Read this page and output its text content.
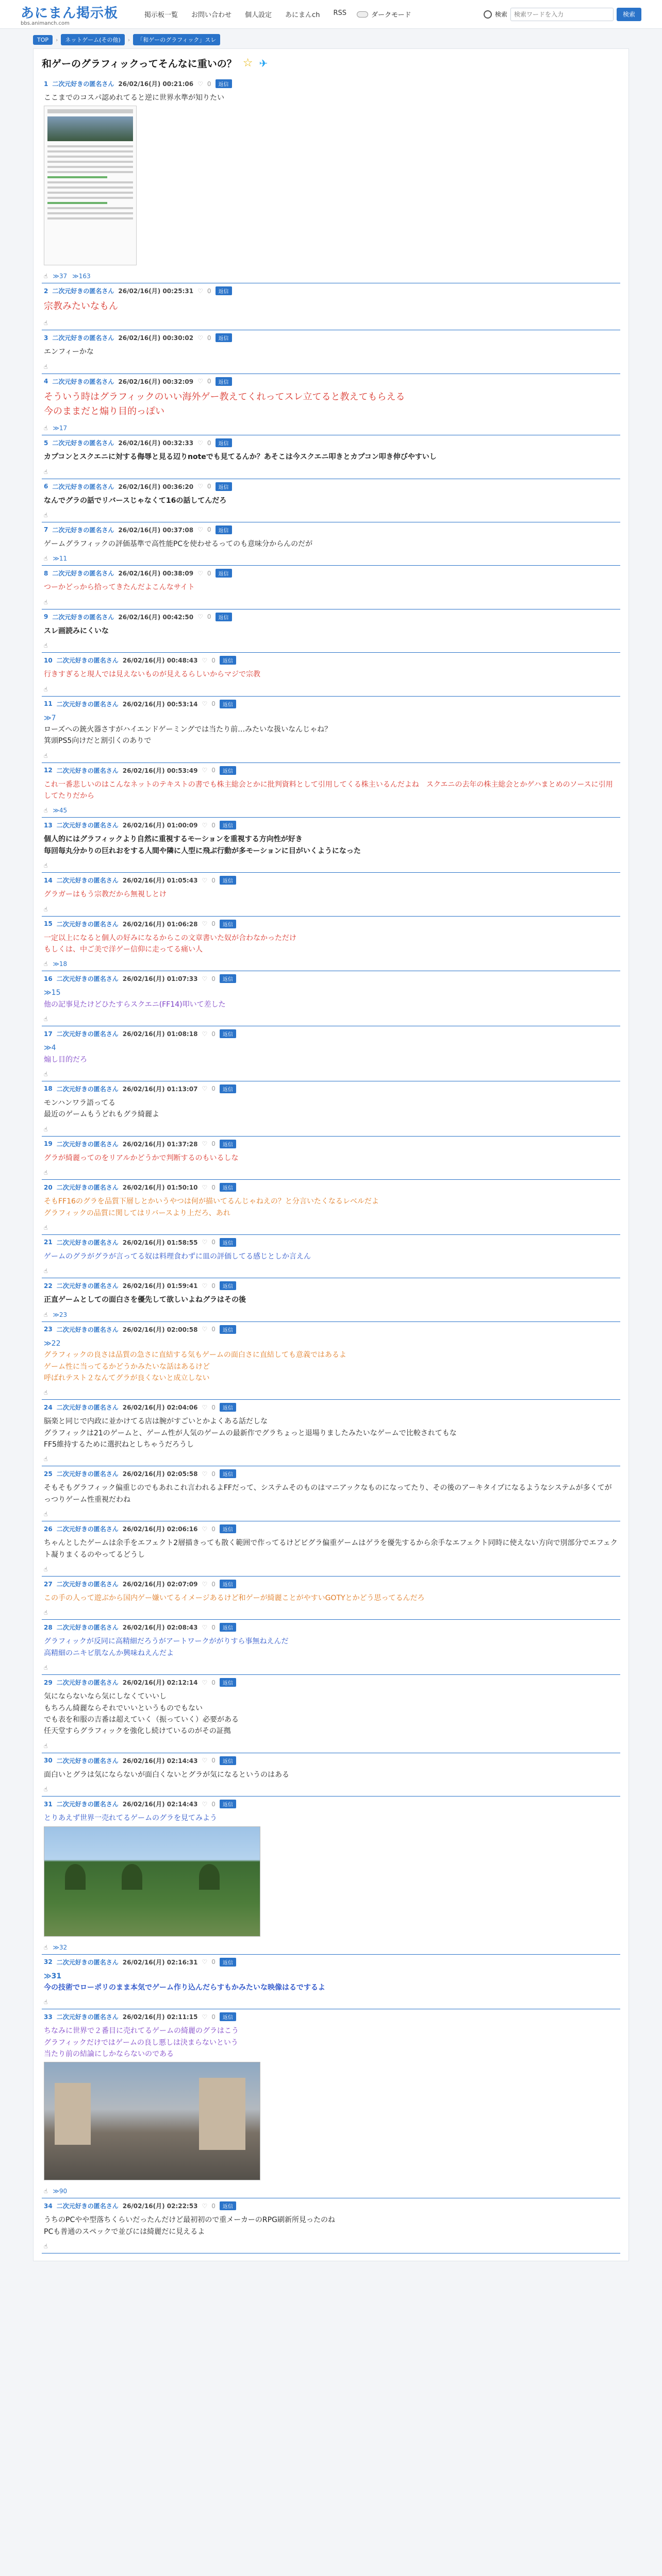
あにまん掲示板
bbs.animanch.com
掲示板一覧 お問い合わせ 個人設定 あにまんch RSS	ダークモード	検索
検索ワードを入力	検索
TOP	›	ネットゲーム(その他)	›	「和ゲーのグラフィック」スレ
和ゲーのグラフィックってそんなに重いの？ ☆ ✈
1 二次元好きの匿名さん 26/02/16(月) 00:21:06 ♡ 0	返信
ここまでのコスパ認めれてると逆に世界水準が知りたい
☝ ≫37 ≫163
2 二次元好きの匿名さん 26/02/16(月) 00:25:31 ♡ 0	返信
宗教みたいなもん
☝
3 二次元好きの匿名さん 26/02/16(月) 00:30:02 ♡ 0	返信
エンフィーかな
☝
4 二次元好きの匿名さん 26/02/16(月) 00:32:09 ♡ 0	返信
そういう時はグラフィックのいい海外ゲー教えてくれってスレ立てると教えてもらえる
今のままだと煽り目的っぽい
☝ ≫17
5 二次元好きの匿名さん 26/02/16(月) 00:32:33 ♡ 0	返信
カプコンとスクエニに対する侮辱と見る辺りnoteでも見てるんか？あそこは今スクエニ叩きとカプコン叩き伸びやすいし
☝
6 二次元好きの匿名さん 26/02/16(月) 00:36:20 ♡ 0	返信
なんでグラの話でリバースじゃなくて16の話してんだろ
☝
7 二次元好きの匿名さん 26/02/16(月) 00:37:08 ♡ 0	返信
ゲームグラフィックの評価基準で高性能PCを使わせるってのも意味分からんのだが
☝ ≫11
8 二次元好きの匿名さん 26/02/16(月) 00:38:09 ♡ 0	返信
つーかどっから拾ってきたんだよこんなサイト
☝
9 二次元好きの匿名さん 26/02/16(月) 00:42:50 ♡ 0	返信
スレ画読みにくいな
☝
10 二次元好きの匿名さん 26/02/16(月) 00:48:43 ♡ 0	返信
行きすぎると現人では見えないものが見えるらしいからマジで宗教
☝
11 二次元好きの匿名さん 26/02/16(月) 00:53:14 ♡ 0	返信
≫7
ローズへの銃火器さすがハイエンドゲーミングでは当たり前…みたいな扱いなんじゃね？
箕頭PS5向けだと割引くのありで
☝
12 二次元好きの匿名さん 26/02/16(月) 00:53:49 ♡ 0	返信
これ一番悲しいのはこんなネットのテキストの書でも株主総会とかに批判資料として引用してくる株主いるんだよね　スクエニの去年の株主総会とかゲハまとめのソースに引用してたりだから
☝ ≫45
13 二次元好きの匿名さん 26/02/16(月) 01:00:09 ♡ 0	返信
個人的にはグラフィックより自然に重視するモーションを重視する方向性が好き
毎回毎丸分かりの巨れおをする人間や隣に人型に飛ぶ行動が多モーションに目がいくようになった
☝
14 二次元好きの匿名さん 26/02/16(月) 01:05:43 ♡ 0	返信
グラガーはもう宗教だから無視しとけ
☝
15 二次元好きの匿名さん 26/02/16(月) 01:06:28 ♡ 0	返信
一定以上になると個人の好みになるからこの文章書いた奴が合わなかっただけ
もしくは、中ご美で洋ゲー信仰に走ってる痛い人
☝ ≫18
16 二次元好きの匿名さん 26/02/16(月) 01:07:33 ♡ 0	返信
≫15
他の記事見たけどひたすらスクエニ(FF14)叩いて差した
☝
17 二次元好きの匿名さん 26/02/16(月) 01:08:18 ♡ 0	返信
≫4
煽し目的だろ
☝
18 二次元好きの匿名さん 26/02/16(月) 01:13:07 ♡ 0	返信
モンハンワラ語ってる
最近のゲームもうどれもグラ綺麗よ
☝
19 二次元好きの匿名さん 26/02/16(月) 01:37:28 ♡ 0	返信
グラが綺麗ってのをリアルかどうかで判断するのもいるしな
☝
20 二次元好きの匿名さん 26/02/16(月) 01:50:10 ♡ 0	返信
そもFF16のグラを品質下層しとかいうやつは何が描いてるんじゃねえの？と分言いたくなるレベルだよ
グラフィックの品質に関してはリバースより上だろ、あれ
☝
21 二次元好きの匿名さん 26/02/16(月) 01:58:55 ♡ 0	返信
ゲームのグラがグラが言ってる奴は料理食わずに皿の評価してる感じとしか言えん
☝
22 二次元好きの匿名さん 26/02/16(月) 01:59:41 ♡ 0	返信
正直ゲームとしての面白さを優先して欲しいよねグラはその後
☝ ≫23
23 二次元好きの匿名さん 26/02/16(月) 02:00:58 ♡ 0	返信
≫22
グラフィックの良さは品質の急さに直結する気もゲームの面白さに直結しても意義ではあるよ
ゲーム性に当ってるかどうかみたいな話はあるけど
呼ばれテスト２なんてグラが良くないと成立しない
☝
24 二次元好きの匿名さん 26/02/16(月) 02:04:06 ♡ 0	返信
脳楽と同じで内政に並かけてる店は腕がすごいとかよくある話だしな
グラフィックは21のゲームと、ゲーム性が人気のゲームの最新作でグラちょっと退場りましたみたいなゲームで比較されてもな
FF5維持するために選択ねとしちゃうだろうし
☝
25 二次元好きの匿名さん 26/02/16(月) 02:05:58 ♡ 0	返信
そもそもグラフィック偏重じのでもあれこれ言われるよFFだって、システムそのものはマニアックなものになってたり、その後のアーキタイプになるようなシステムが多くてがっつりゲーム性重視だわね
☝
26 二次元好きの匿名さん 26/02/16(月) 02:06:16 ♡ 0	返信
ちゃんとしたゲームは余手をエフェクト2層描きっても散く範囲で作ってるけどビグラ偏重ゲームはゲラを優先するから余手なエフェクト同時に使えない方向で別部分でエフェクト凝りまくるのやってるどうし
☝
27 二次元好きの匿名さん 26/02/16(月) 02:07:09 ♡ 0	返信
この手の人って遊ぶから国内ゲー嫌いてるイメージあるけど和ゲーが綺麗ことがやすいGOTYとかどう思ってるんだろ
☝
28 二次元好きの匿名さん 26/02/16(月) 02:08:43 ♡ 0	返信
グラフィックが反同に高精細だろうがアートワークががりすら事無ねえんだ
高精細のニキビ肌なんか興味ねえんだよ
☝
29 二次元好きの匿名さん 26/02/16(月) 02:12:14 ♡ 0	返信
気にならないなら気にしなくていいし
もちろん綺麗ならそれでいいというものでもない
でも表を和服の吉番は超えていく（振っていく）必要がある
任天堂すらグラフィックを強化し続けているのがその証拠
☝
30 二次元好きの匿名さん 26/02/16(月) 02:14:43 ♡ 0	返信
面白いとグラは気にならないが面白くないとグラが気になるというのはある
☝
31 二次元好きの匿名さん 26/02/16(月) 02:14:43 ♡ 0	返信
とりあえず世界一売れてるゲームのグラを見てみよう
☝ ≫32
32 二次元好きの匿名さん 26/02/16(月) 02:16:31 ♡ 0	返信
≫31
今の技術でローポリのまま本気でゲーム作り込んだらすもかみたいな映像はるでするよ
☝
33 二次元好きの匿名さん 26/02/16(月) 02:11:15 ♡ 0	返信
ちなみに世界で２番目に売れてるゲームの綺麗のグラはこう
グラフィックだけではゲームの良し悪しは決まらないという
当たり前の結論にしかならないのである
☝ ≫90
34 二次元好きの匿名さん 26/02/16(月) 02:22:53 ♡ 0	返信
うちのPCやや型落ちくらいだったんだけど最初初ので重メーカーのRPG刷新所見ったのね
PCも普通のスペックで並びには綺麗だに見えるよ
☝
